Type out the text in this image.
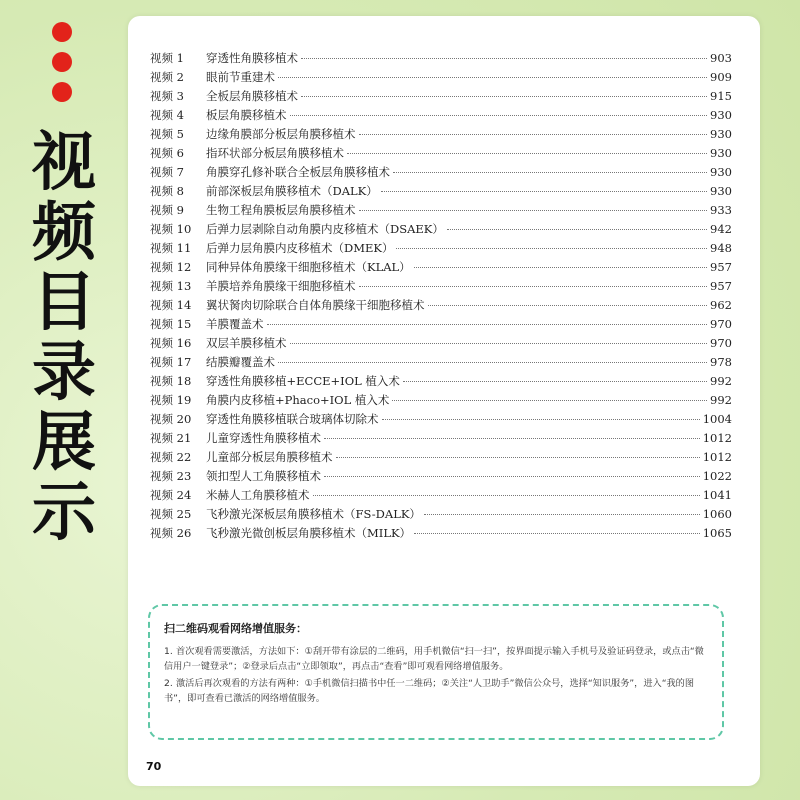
视频目录展示
视频 1	穿透性角膜移植术	903
视频 2	眼前节重建术	909
视频 3	全板层角膜移植术	915
视频 4	板层角膜移植术	930
视频 5	边缘角膜部分板层角膜移植术	930
视频 6	指环状部分板层角膜移植术	930
视频 7	角膜穿孔修补联合全板层角膜移植术	930
视频 8	前部深板层角膜移植术（DALK）	930
视频 9	生物工程角膜板层角膜移植术	933
视频 10	后弹力层剥除自动角膜内皮移植术（DSAEK）	942
视频 11	后弹力层角膜内皮移植术（DMEK）	948
视频 12	同种异体角膜缘干细胞移植术（KLAL）	957
视频 13	羊膜培养角膜缘干细胞移植术	957
视频 14	翼状胬肉切除联合自体角膜缘干细胞移植术	962
视频 15	羊膜覆盖术	970
视频 16	双层羊膜移植术	970
视频 17	结膜瓣覆盖术	978
视频 18	穿透性角膜移植+ECCE+IOL 植入术	992
视频 19	角膜内皮移植+Phaco+IOL 植入术	992
视频 20	穿透性角膜移植联合玻璃体切除术	1004
视频 21	儿童穿透性角膜移植术	1012
视频 22	儿童部分板层角膜移植术	1012
视频 23	领扣型人工角膜移植术	1022
视频 24	米赫人工角膜移植术	1041
视频 25	飞秒激光深板层角膜移植术（FS-DALK）	1060
视频 26	飞秒激光微创板层角膜移植术（MILK）	1065

扫二维码观看网络增值服务：

1. 首次观看需要激活，方法如下：①刮开带有涂层的二维码，用手机微信“扫一扫”，按界面提示输入手机号及验证码登录，或点击“微信用户一键登录”；②登录后点击“立即领取”，再点击“查看”即可观看网络增值服务。
2. 激活后再次观看的方法有两种：①手机微信扫描书中任一二维码；②关注“人卫助手”微信公众号，选择“知识服务”，进入“我的图书”，即可查看已激活的网络增值服务。

70
